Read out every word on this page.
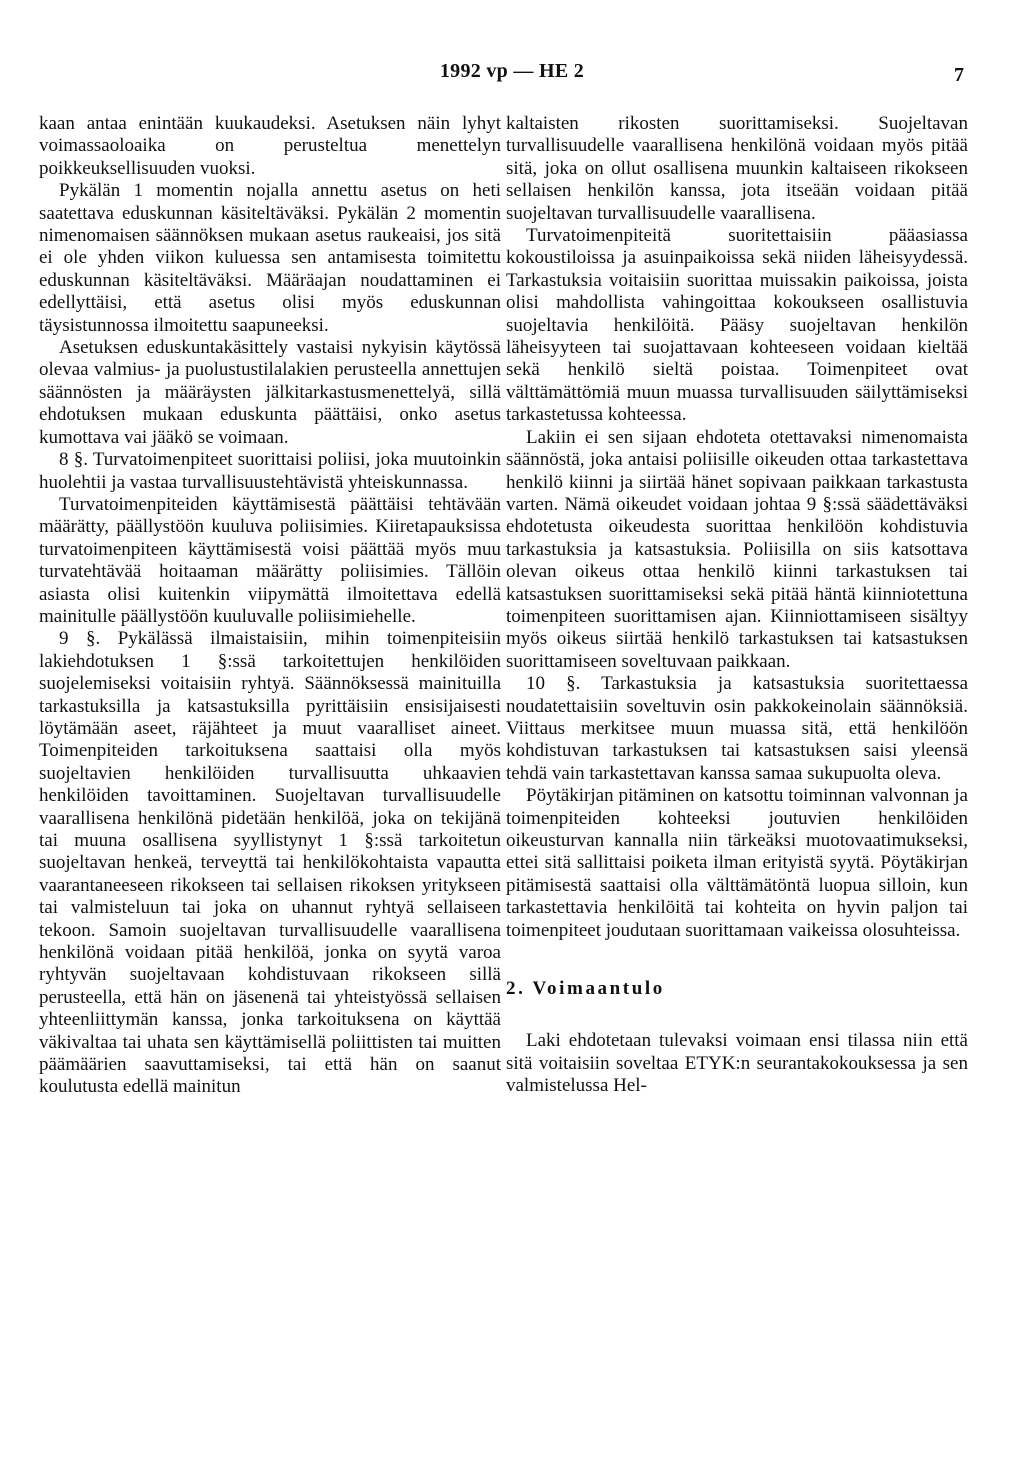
1992 vp — HE 2	7

kaan antaa enintään kuukaudeksi. Asetuksen näin lyhyt voimassaoloaika on perusteltua menettelyn poikkeuksellisuuden vuoksi.

Pykälän 1 momentin nojalla annettu asetus on heti saatettava eduskunnan käsiteltäväksi. Pykälän 2 momentin nimenomaisen säännöksen mukaan asetus raukeaisi, jos sitä ei ole yhden viikon kuluessa sen antamisesta toimitettu eduskunnan käsiteltäväksi. Määräajan noudattaminen ei edellyttäisi, että asetus olisi myös eduskunnan täysistunnossa ilmoitettu saapuneeksi.

Asetuksen eduskuntakäsittely vastaisi nykyisin käytössä olevaa valmius- ja puolustustilalakien perusteella annettujen säännösten ja määräysten jälkitarkastusmenettelyä, sillä ehdotuksen mukaan eduskunta päättäisi, onko asetus kumottava vai jääkö se voimaan.

8 §. Turvatoimenpiteet suorittaisi poliisi, joka muutoinkin huolehtii ja vastaa turvallisuustehtävistä yhteiskunnassa.

Turvatoimenpiteiden käyttämisestä päättäisi tehtävään määrätty, päällystöön kuuluva poliisimies. Kiiretapauksissa turvatoimenpiteen käyttämisestä voisi päättää myös muu turvatehtävää hoitaaman määrätty poliisimies. Tällöin asiasta olisi kuitenkin viipymättä ilmoitettava edellä mainitulle päällystöön kuuluvalle poliisimiehelle.

9 §. Pykälässä ilmaistaisiin, mihin toimenpiteisiin lakiehdotuksen 1 §:ssä tarkoitettujen henkilöiden suojelemiseksi voitaisiin ryhtyä. Säännöksessä mainituilla tarkastuksilla ja katsastuksilla pyrittäisiin ensisijaisesti löytämään aseet, räjähteet ja muut vaaralliset aineet. Toimenpiteiden tarkoituksena saattaisi olla myös suojeltavien henkilöiden turvallisuutta uhkaavien henkilöiden tavoittaminen. Suojeltavan turvallisuudelle vaarallisena henkilönä pidetään henkilöä, joka on tekijänä tai muuna osallisena syyllistynyt 1 §:ssä tarkoitetun suojeltavan henkeä, terveyttä tai henkilökohtaista vapautta vaarantaneeseen rikokseen tai sellaisen rikoksen yritykseen tai valmisteluun tai joka on uhannut ryhtyä sellaiseen tekoon. Samoin suojeltavan turvallisuudelle vaarallisena henkilönä voidaan pitää henkilöä, jonka on syytä varoa ryhtyvän suojeltavaan kohdistuvaan rikokseen sillä perusteella, että hän on jäsenenä tai yhteistyössä sellaisen yhteenliittymän kanssa, jonka tarkoituksena on käyttää väkivaltaa tai uhata sen käyttämisellä poliittisten tai muitten päämäärien saavuttamiseksi, tai että hän on saanut koulutusta edellä mainitun

kaltaisten rikosten suorittamiseksi. Suojeltavan turvallisuudelle vaarallisena henkilönä voidaan myös pitää sitä, joka on ollut osallisena muunkin kaltaiseen rikokseen sellaisen henkilön kanssa, jota itseään voidaan pitää suojeltavan turvallisuudelle vaarallisena.

Turvatoimenpiteitä suoritettaisiin pääasiassa kokoustiloissa ja asuinpaikoissa sekä niiden läheisyydessä. Tarkastuksia voitaisiin suorittaa muissakin paikoissa, joista olisi mahdollista vahingoittaa kokoukseen osallistuvia suojeltavia henkilöitä. Pääsy suojeltavan henkilön läheisyyteen tai suojattavaan kohteeseen voidaan kieltää sekä henkilö sieltä poistaa. Toimenpiteet ovat välttämättömiä muun muassa turvallisuuden säilyttämiseksi tarkastetussa kohteessa.

Lakiin ei sen sijaan ehdoteta otettavaksi nimenomaista säännöstä, joka antaisi poliisille oikeuden ottaa tarkastettava henkilö kiinni ja siirtää hänet sopivaan paikkaan tarkastusta varten. Nämä oikeudet voidaan johtaa 9 §:ssä säädettäväksi ehdotetusta oikeudesta suorittaa henkilöön kohdistuvia tarkastuksia ja katsastuksia. Poliisilla on siis katsottava olevan oikeus ottaa henkilö kiinni tarkastuksen tai katsastuksen suorittamiseksi sekä pitää häntä kiinniotettuna toimenpiteen suorittamisen ajan. Kiinniottamiseen sisältyy myös oikeus siirtää henkilö tarkastuksen tai katsastuksen suorittamiseen soveltuvaan paikkaan.

10 §. Tarkastuksia ja katsastuksia suoritettaessa noudatettaisiin soveltuvin osin pakkokeinolain säännöksiä. Viittaus merkitsee muun muassa sitä, että henkilöön kohdistuvan tarkastuksen tai katsastuksen saisi yleensä tehdä vain tarkastettavan kanssa samaa sukupuolta oleva.

Pöytäkirjan pitäminen on katsottu toiminnan valvonnan ja toimenpiteiden kohteeksi joutuvien henkilöiden oikeusturvan kannalla niin tärkeäksi muotovaatimukseksi, ettei sitä sallittaisi poiketa ilman erityistä syytä. Pöytäkirjan pitämisestä saattaisi olla välttämätöntä luopua silloin, kun tarkastettavia henkilöitä tai kohteita on hyvin paljon tai toimenpiteet joudutaan suorittamaan vaikeissa olosuhteissa.

2. Voimaantulo

Laki ehdotetaan tulevaksi voimaan ensi tilassa niin että sitä voitaisiin soveltaa ETYK:n seurantakokouksessa ja sen valmistelussa Hel-
